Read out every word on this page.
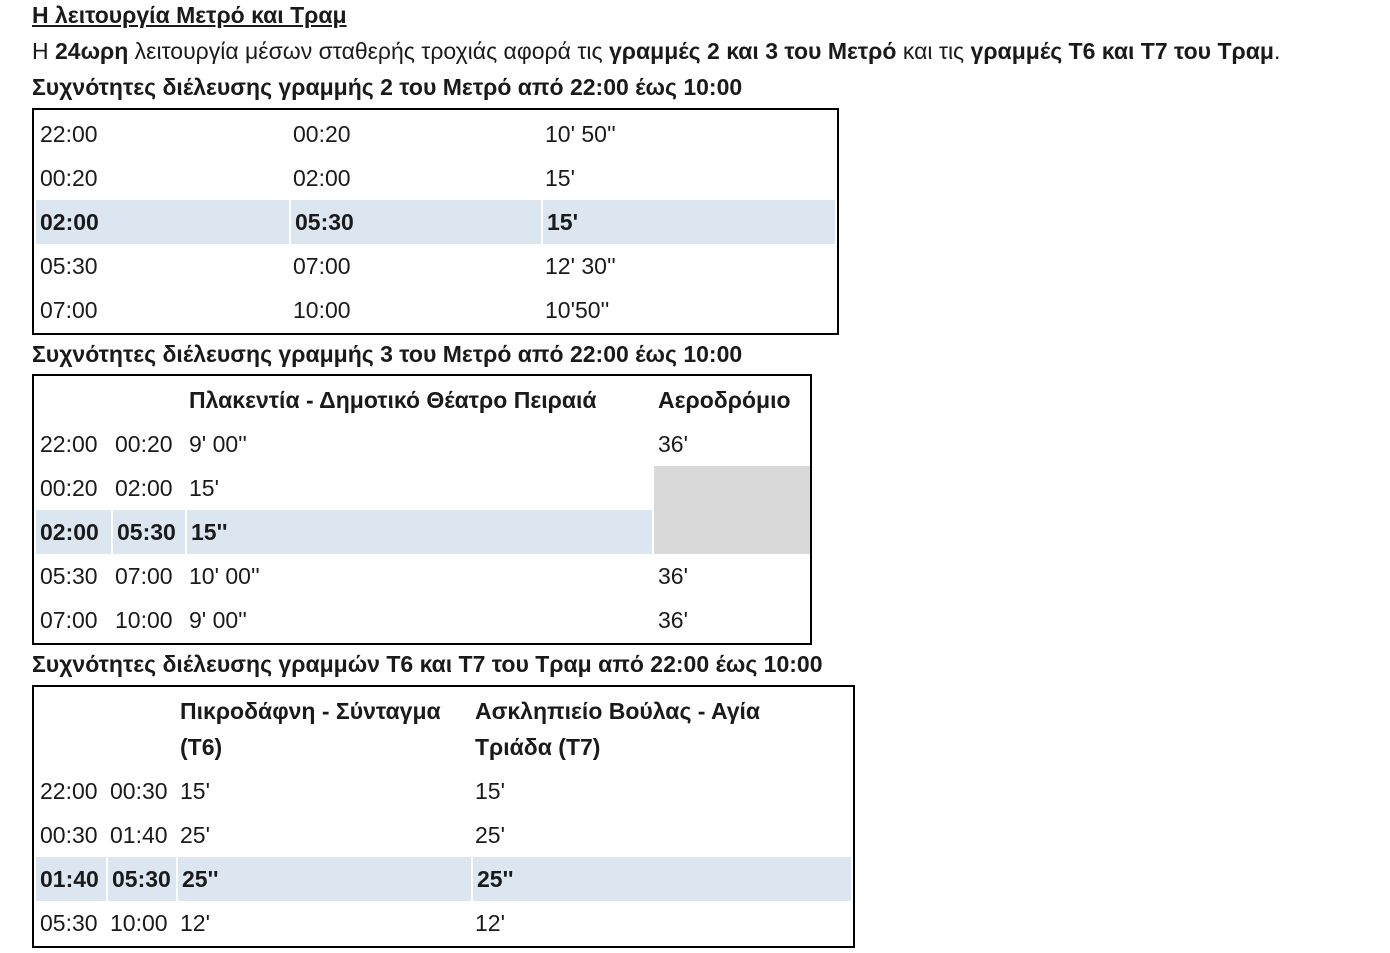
Η λειτουργία Μετρό και Τραμ
Η 24ωρη λειτουργία μέσων σταθερής τροχιάς αφορά τις γραμμές 2 και 3 του Μετρό και τις γραμμές Τ6 και Τ7 του Τραμ.
Συχνότητες διέλευσης γραμμής 2 του Μετρό από 22:00 έως 10:00
22:00	00:20	10' 50''
00:20	02:00	15'
02:00	05:30	15'
05:30	07:00	12' 30''
07:00	10:00	10'50''
Συχνότητες διέλευσης γραμμής 3 του Μετρό από 22:00 έως 10:00
Πλακεντία - Δημοτικό Θέατρο Πειραιά	Αεροδρόμιο
22:00 00:20 9' 00''	36'
00:20 02:00 15'
02:00 05:30 15''
05:30 07:00 10' 00''	36'
07:00 10:00 9' 00''	36'
Συχνότητες διέλευσης γραμμών Τ6 και Τ7 του Τραμ από 22:00 έως 10:00
Πικροδάφνη - Σύνταγμα (Τ6)
Ασκληπιείο Βούλας - Αγία Τριάδα (Τ7)
22:00 00:30 15'	15'
00:30 01:40 25'	25'
01:40 05:30 25''	25''
05:30 10:00 12'	12'
